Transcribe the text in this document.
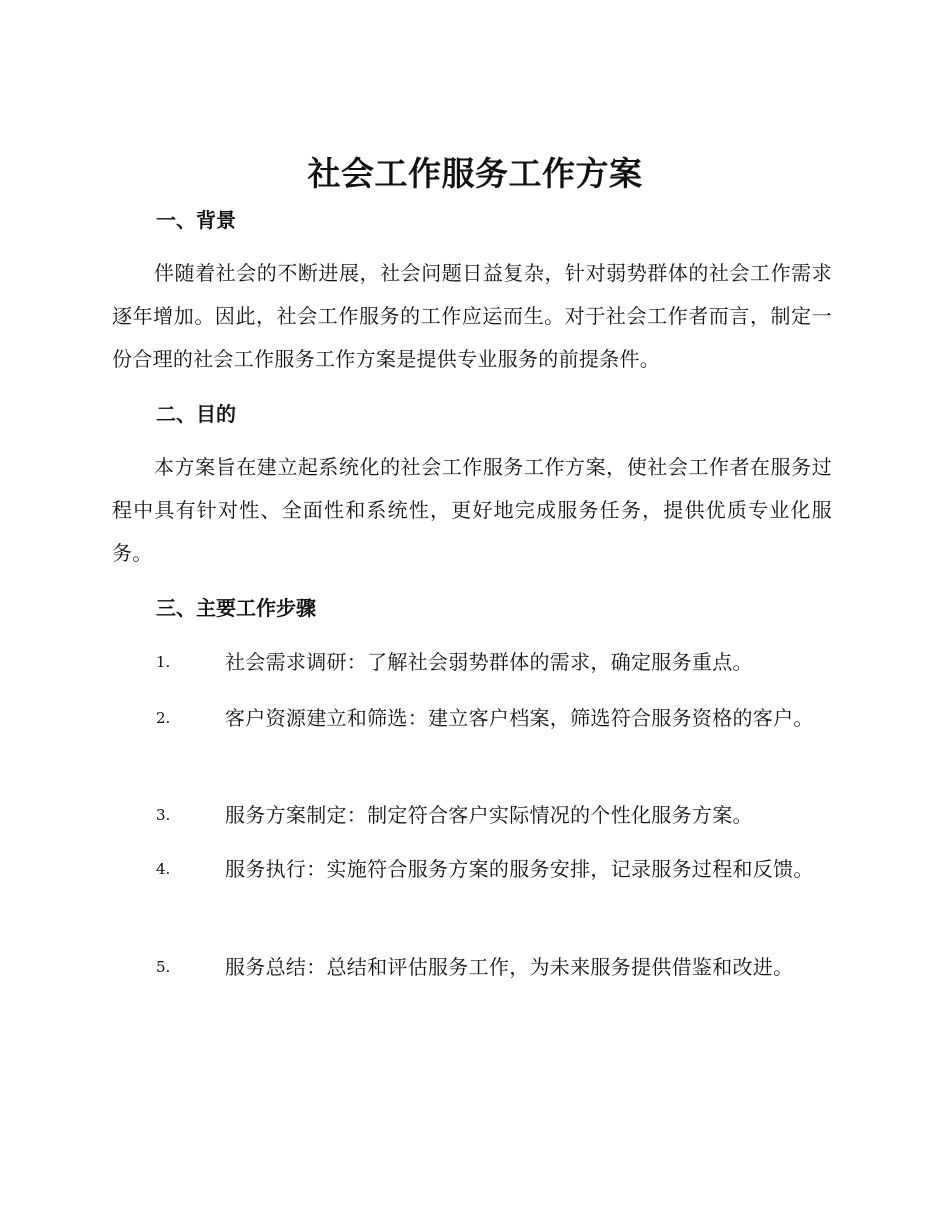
社会工作服务工作方案
一、背景

伴随着社会的不断进展，社会问题日益复杂，针对弱势群体的社会工作需求逐年增加。因此，社会工作服务的工作应运而生。对于社会工作者而言，制定一份合理的社会工作服务工作方案是提供专业服务的前提条件。

二、目的

本方案旨在建立起系统化的社会工作服务工作方案，使社会工作者在服务过程中具有针对性、全面性和系统性，更好地完成服务任务，提供优质专业化服务。

三、主要工作步骤
1.	社会需求调研：了解社会弱势群体的需求，确定服务重点。
2.	客户资源建立和筛选：建立客户档案，筛选符合服务资格的客户。
3.	服务方案制定：制定符合客户实际情况的个性化服务方案。
4.	服务执行：实施符合服务方案的服务安排，记录服务过程和反馈。
5.	服务总结：总结和评估服务工作，为未来服务提供借鉴和改进。
